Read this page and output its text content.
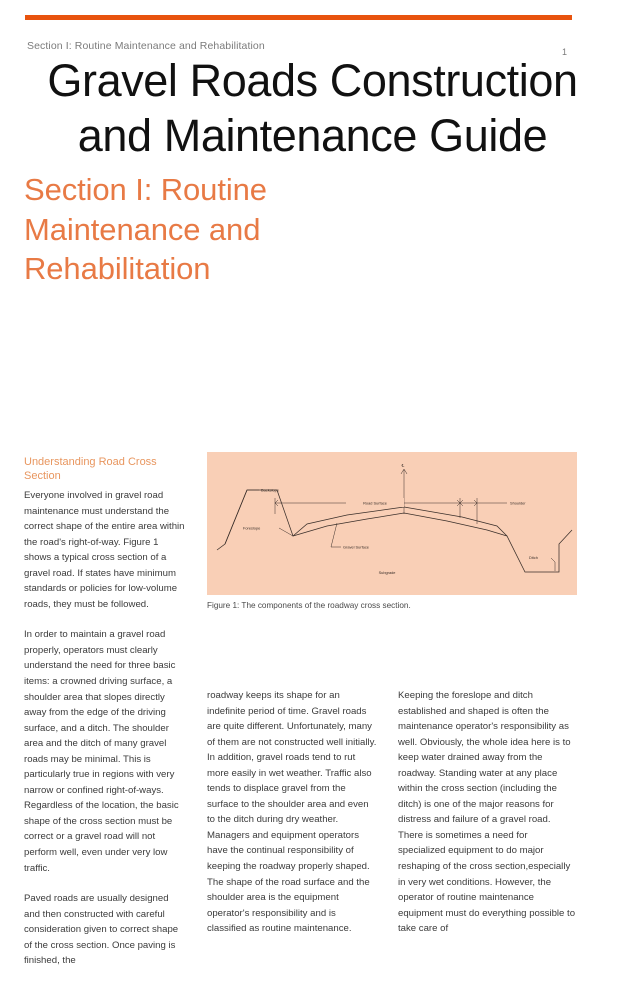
Section I: Routine Maintenance and Rehabilitation	1
Gravel Roads Construction and Maintenance Guide
Section I: Routine Maintenance and Rehabilitation
Understanding Road Cross Section
℄
Backslope
Foreslope
Road Surface	Shoulder
Gravel Surface
Subgrade
Ditch
Figure 1: The components of the roadway cross section.

Everyone involved in gravel road maintenance must understand the correct shape of the entire area within the road's right-of-way. Figure 1 shows a typical cross section of a gravel road. If states have minimum standards or policies for low-volume roads, they must be followed.

In order to maintain a gravel road properly, operators must clearly understand the need for three basic items: a crowned driving surface, a shoulder area that slopes directly away from the edge of the driving surface, and a ditch. The shoulder area and the ditch of many gravel roads may be minimal. This is particularly true in regions with very narrow or confined right-of-ways. Regardless of the location, the basic shape of the cross section must be correct or a gravel road will not perform well, even under very low traffic.

Paved roads are usually designed and then constructed with careful consideration given to correct shape of the cross section. Once paving is finished, the

roadway keeps its shape for an indefinite period of time. Gravel roads are quite different. Unfortunately, many of them are not constructed well initially. In addition, gravel roads tend to rut more easily in wet weather. Traffic also tends to displace gravel from the surface to the shoulder area and even to the ditch during dry weather. Managers and equipment operators have the continual responsibility of keeping the roadway properly shaped. The shape of the road surface and the shoulder area is the equipment operator's responsibility and is classified as routine maintenance.

Keeping the foreslope and ditch established and shaped is often the maintenance operator's responsibility as well. Obviously, the whole idea here is to keep water drained away from the roadway. Standing water at any place within the cross section (including the ditch) is one of the major reasons for distress and failure of a gravel road. There is sometimes a need for specialized equipment to do major reshaping of the cross section,especially in very wet conditions. However, the operator of routine maintenance equipment must do everything possible to take care of
